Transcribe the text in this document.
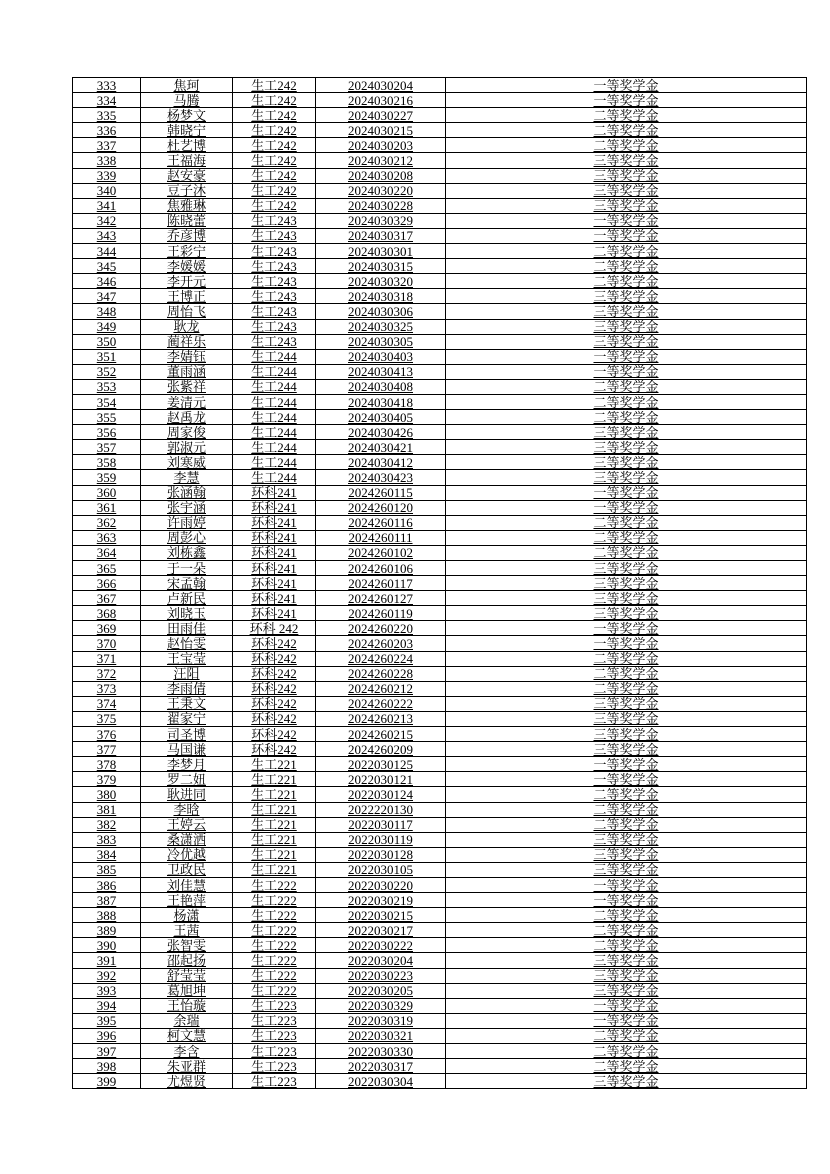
333	焦珂	生工242	2024030204	一等奖学金
334	马腾	生工242	2024030216	一等奖学金
335	杨梦文	生工242	2024030227	二等奖学金
336	韩晓宁	生工242	2024030215	二等奖学金
337	杜艺博	生工242	2024030203	二等奖学金
338	王福海	生工242	2024030212	三等奖学金
339	赵安豪	生工242	2024030208	三等奖学金
340	豆子沐	生工242	2024030220	三等奖学金
341	焦雅琳	生工242	2024030228	三等奖学金
342	陈晓蕾	生工243	2024030329	一等奖学金
343	乔彦博	生工243	2024030317	一等奖学金
344	王彩宁	生工243	2024030301	二等奖学金
345	李媛媛	生工243	2024030315	二等奖学金
346	李开元	生工243	2024030320	二等奖学金
347	王博正	生工243	2024030318	三等奖学金
348	周怡飞	生工243	2024030306	三等奖学金
349	耿龙	生工243	2024030325	三等奖学金
350	蔺祥乐	生工243	2024030305	三等奖学金
351	李婧钰	生工244	2024030403	一等奖学金
352	董雨涵	生工244	2024030413	一等奖学金
353	张紫祥	生工244	2024030408	二等奖学金
354	姜清元	生工244	2024030418	二等奖学金
355	赵禹龙	生工244	2024030405	二等奖学金
356	周家俊	生工244	2024030426	三等奖学金
357	郭淑元	生工244	2024030421	三等奖学金
358	刘寒威	生工244	2024030412	三等奖学金
359	李慧	生工244	2024030423	三等奖学金
360	张涵翰	环科241	2024260115	一等奖学金
361	张宇涵	环科241	2024260120	一等奖学金
362	许雨婷	环科241	2024260116	二等奖学金
363	周彭心	环科241	2024260111	二等奖学金
364	刘栋鑫	环科241	2024260102	二等奖学金
365	于一朵	环科241	2024260106	三等奖学金
366	宋孟翰	环科241	2024260117	三等奖学金
367	卢新民	环科241	2024260127	三等奖学金
368	刘晓玉	环科241	2024260119	三等奖学金
369	田雨佳	环科 242	2024260220	一等奖学金
370	赵怡雯	环科242	2024260203	一等奖学金
371	王宝莹	环科242	2024260224	二等奖学金
372	汪阳	环科242	2024260228	二等奖学金
373	李雨倩	环科242	2024260212	二等奖学金
374	王秉文	环科242	2024260222	三等奖学金
375	翟家宁	环科242	2024260213	三等奖学金
376	司圣博	环科242	2024260215	三等奖学金
377	马国谦	环科242	2024260209	三等奖学金
378	李梦月	生工221	2022030125	一等奖学金
379	罗二妞	生工221	2022030121	一等奖学金
380	耿进同	生工221	2022030124	二等奖学金
381	李晗	生工221	2022220130	二等奖学金
382	王婷云	生工221	2022030117	二等奖学金
383	桑潇洒	生工221	2022030119	三等奖学金
384	冷优越	生工221	2022030128	三等奖学金
385	卫政民	生工221	2022030105	三等奖学金
386	刘佳慧	生工222	2022030220	一等奖学金
387	王艳萍	生工222	2022030219	一等奖学金
388	杨潇	生工222	2022030215	二等奖学金
389	王茜	生工222	2022030217	二等奖学金
390	张智雯	生工222	2022030222	二等奖学金
391	邵起扬	生工222	2022030204	三等奖学金
392	舒莹莹	生工222	2022030223	三等奖学金
393	葛旭坤	生工222	2022030205	三等奖学金
394	王怡璇	生工223	2022030329	一等奖学金
395	余瑞	生工223	2022030319	一等奖学金
396	柯文慧	生工223	2022030321	二等奖学金
397	李含	生工223	2022030330	二等奖学金
398	朱亚群	生工223	2022030317	二等奖学金
399	尤煜贤	生工223	2022030304	三等奖学金
